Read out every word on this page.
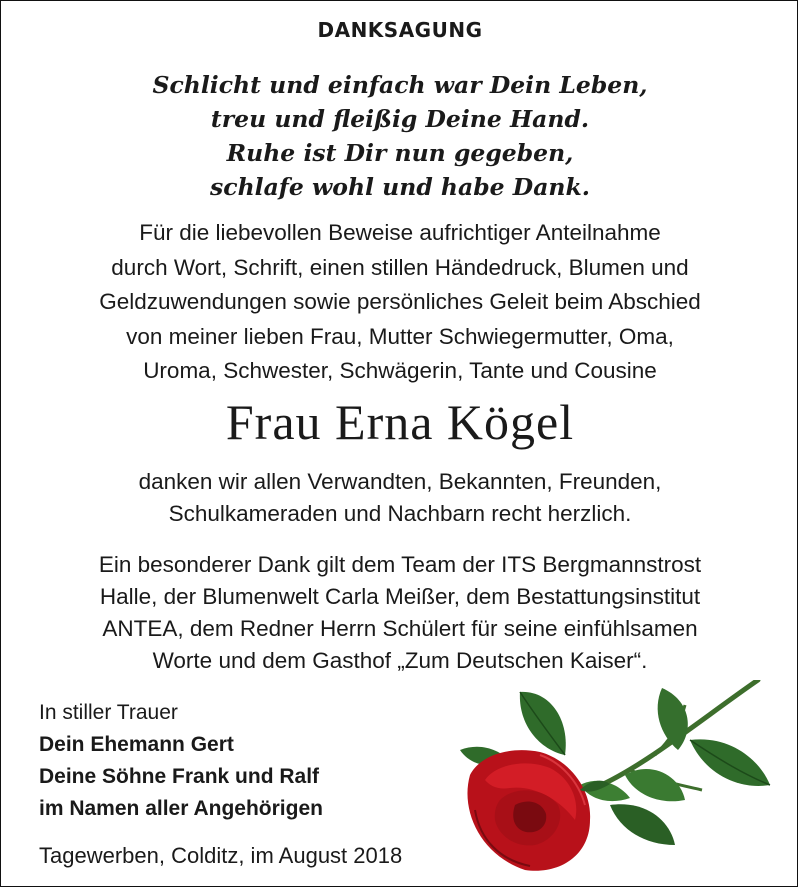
DANKSAGUNG
Schlicht und einfach war Dein Leben,
treu und fleißig Deine Hand.
Ruhe ist Dir nun gegeben,
schlafe wohl und habe Dank.
Für die liebevollen Beweise aufrichtiger Anteilnahme
durch Wort, Schrift, einen stillen Händedruck, Blumen und
Geldzuwendungen sowie persönliches Geleit beim Abschied
von meiner lieben Frau, Mutter Schwiegermutter, Oma,
Uroma, Schwester, Schwägerin, Tante und Cousine
Frau Erna Kögel
danken wir allen Verwandten, Bekannten, Freunden,
Schulkameraden und Nachbarn recht herzlich.
Ein besonderer Dank gilt dem Team der ITS Bergmannstrost
Halle, der Blumenwelt Carla Meißer, dem Bestattungsinstitut
ANTEA, dem Redner Herrn Schülert für seine einfühlsamen
Worte und dem Gasthof „Zum Deutschen Kaiser“.
In stiller Trauer
Dein Ehemann Gert
Deine Söhne Frank und Ralf
im Namen aller Angehörigen
Tagewerben, Colditz, im August 2018
